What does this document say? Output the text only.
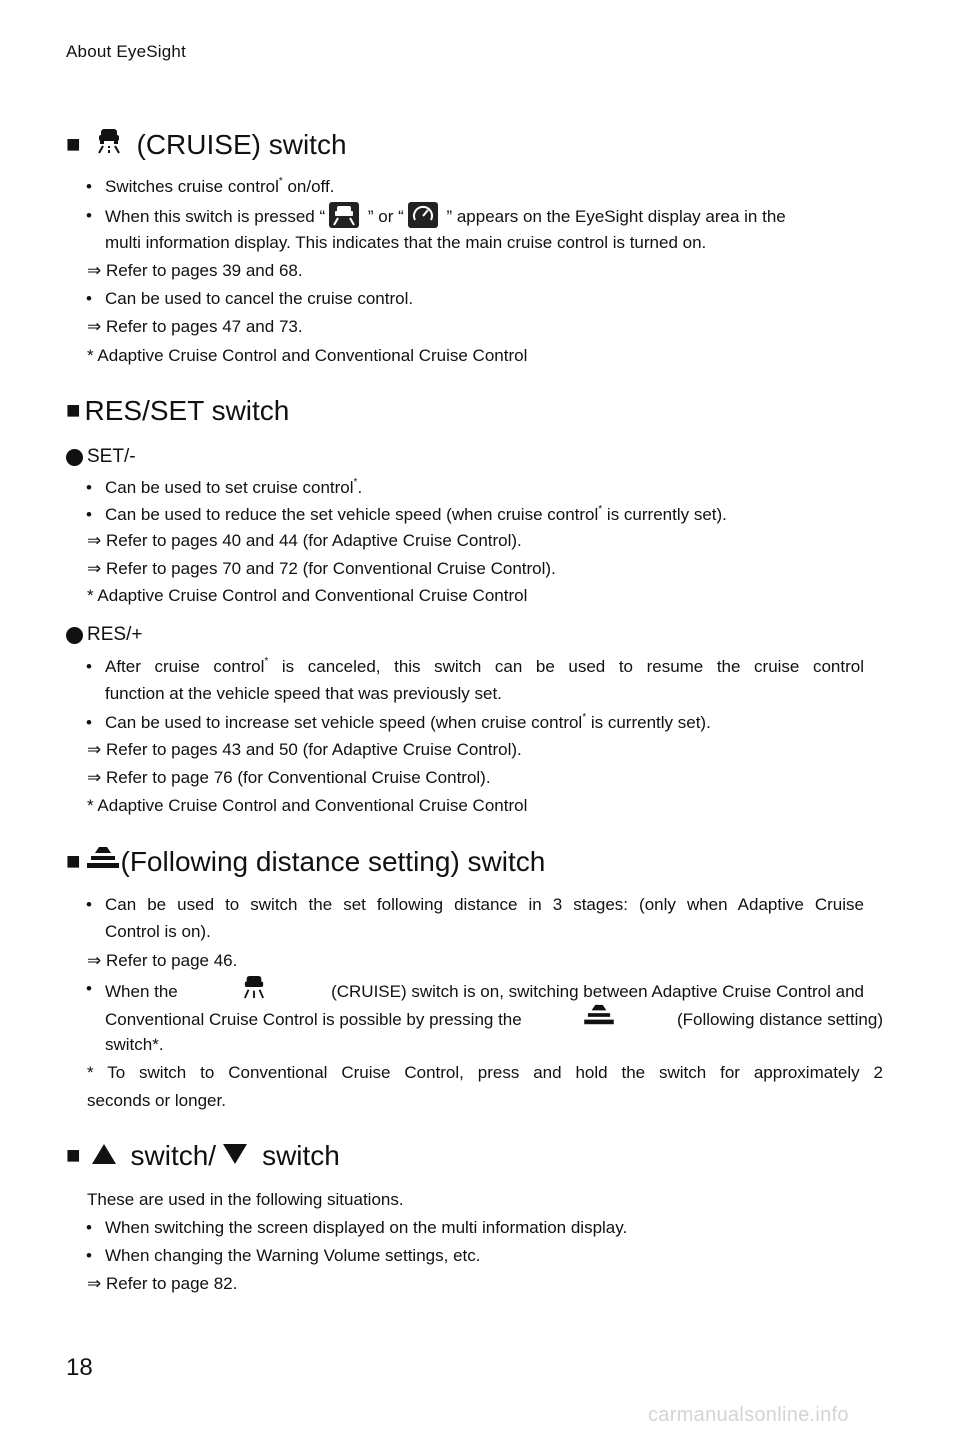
About EyeSight
■ (CRUISE) switch
• Switches cruise control* on/off.
• When this switch is pressed “ ” or “ ” appears on the EyeSight display area in the
multi information display. This indicates that the main cruise control is turned on.
⇒ Refer to pages 39 and 68.
• Can be used to cancel the cruise control.
⇒ Refer to pages 47 and 73.
* Adaptive Cruise Control and Conventional Cruise Control
■ RES/SET switch
SET/-
• Can be used to set cruise control*.
• Can be used to reduce the set vehicle speed (when cruise control* is currently set).
⇒ Refer to pages 40 and 44 (for Adaptive Cruise Control).
⇒ Refer to pages 70 and 72 (for Conventional Cruise Control).
* Adaptive Cruise Control and Conventional Cruise Control
RES/+
• After cruise control* is canceled, this switch can be used to resume the cruise control
function at the vehicle speed that was previously set.
• Can be used to increase set vehicle speed (when cruise control* is currently set).
⇒ Refer to pages 43 and 50 (for Adaptive Cruise Control).
⇒ Refer to page 76 (for Conventional Cruise Control).
* Adaptive Cruise Control and Conventional Cruise Control
■ (Following distance setting) switch
• Can be used to switch the set following distance in 3 stages: (only when Adaptive Cruise
Control is on).
⇒ Refer to page 46.
• When the	(CRUISE) switch is on, switching between Adaptive Cruise Control and
Conventional Cruise Control is possible by pressing the	(Following distance setting)
switch*.
* To switch to Conventional Cruise Control, press and hold the switch for approximately 2
seconds or longer.
■ switch/ switch
These are used in the following situations.
• When switching the screen displayed on the multi information display.
• When changing the Warning Volume settings, etc.
⇒ Refer to page 82.
18
carmanualsonline.info
